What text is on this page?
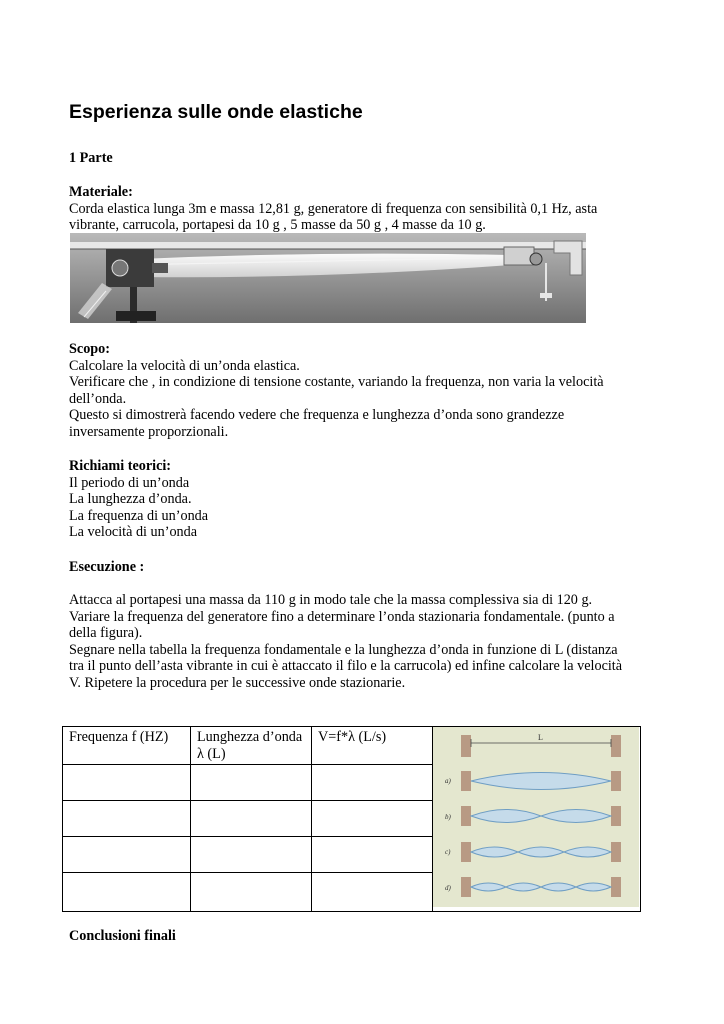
Esperienza sulle onde elastiche

1 Parte

Materiale:

Corda elastica lunga 3m e massa 12,81 g, generatore di frequenza con sensibilità 0,1 Hz, asta

vibrante, carrucola, portapesi da 10 g , 5 masse da 50 g , 4 masse da 10 g.

Scopo:

Calcolare la velocità di un’onda elastica.

Verificare che , in condizione di tensione costante, variando la frequenza, non varia la velocità

dell’onda.

Questo si dimostrerà facendo vedere che frequenza e lunghezza d’onda sono grandezze

inversamente proporzionali.

Richiami teorici:

Il periodo di un’onda

La lunghezza d’onda.

La frequenza di un’onda

La velocità di un’onda

Esecuzione :

Attacca al portapesi una massa da 110 g in modo tale che la massa complessiva sia di 120 g.

Variare la frequenza del generatore fino a determinare l’onda stazionaria fondamentale. (punto a

della figura).

Segnare nella tabella la frequenza fondamentale e la lunghezza d’onda in funzione di L (distanza

tra il punto dell’asta vibrante in cui è attaccato il filo e la carrucola) ed infine calcolare la velocità

V. Ripetere la procedura per le successive onde stazionarie.

Frequenza f (HZ)	Lunghezza d’onda λ (L)	V=f*λ (L/s)	L
a)
b)
c)
d)

Conclusioni finali
